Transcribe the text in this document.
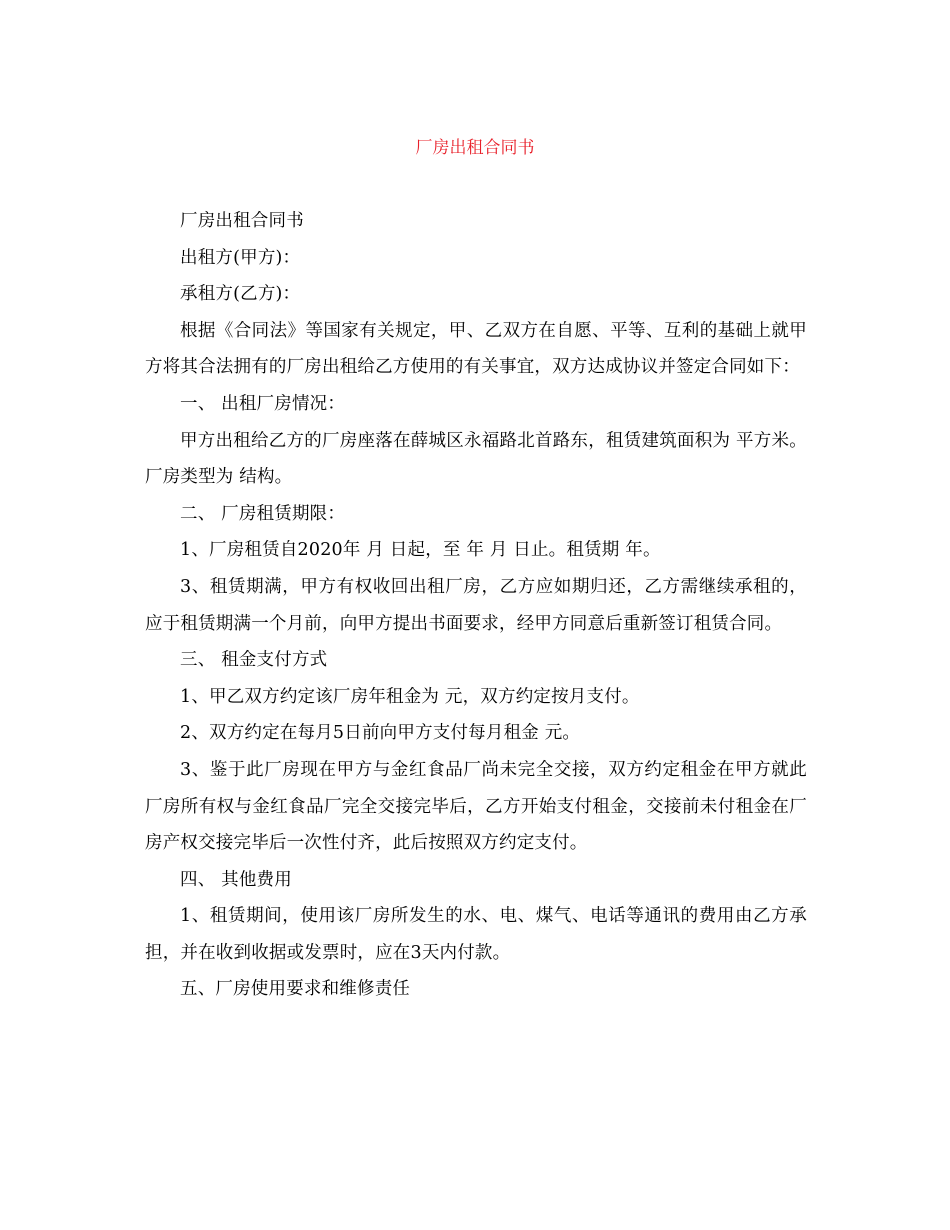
厂房出租合同书

厂房出租合同书

出租方(甲方)：

承租方(乙方)：

根据《合同法》等国家有关规定，甲、乙双方在自愿、平等、互利的基础上就甲方将其合法拥有的厂房出租给乙方使用的有关事宜，双方达成协议并签定合同如下：

一、 出租厂房情况：

甲方出租给乙方的厂房座落在薛城区永福路北首路东，租赁建筑面积为 平方米。厂房类型为 结构。

二、 厂房租赁期限：

1、厂房租赁自2020年 月 日起，至 年 月 日止。租赁期 年。

3、租赁期满，甲方有权收回出租厂房，乙方应如期归还，乙方需继续承租的，应于租赁期满一个月前，向甲方提出书面要求，经甲方同意后重新签订租赁合同。

三、 租金支付方式

1、甲乙双方约定该厂房年租金为 元，双方约定按月支付。

2、双方约定在每月5日前向甲方支付每月租金 元。

3、鉴于此厂房现在甲方与金红食品厂尚未完全交接，双方约定租金在甲方就此厂房所有权与金红食品厂完全交接完毕后，乙方开始支付租金，交接前未付租金在厂房产权交接完毕后一次性付齐，此后按照双方约定支付。

四、 其他费用

1、租赁期间，使用该厂房所发生的水、电、煤气、电话等通讯的费用由乙方承担，并在收到收据或发票时，应在3天内付款。

五、厂房使用要求和维修责任
